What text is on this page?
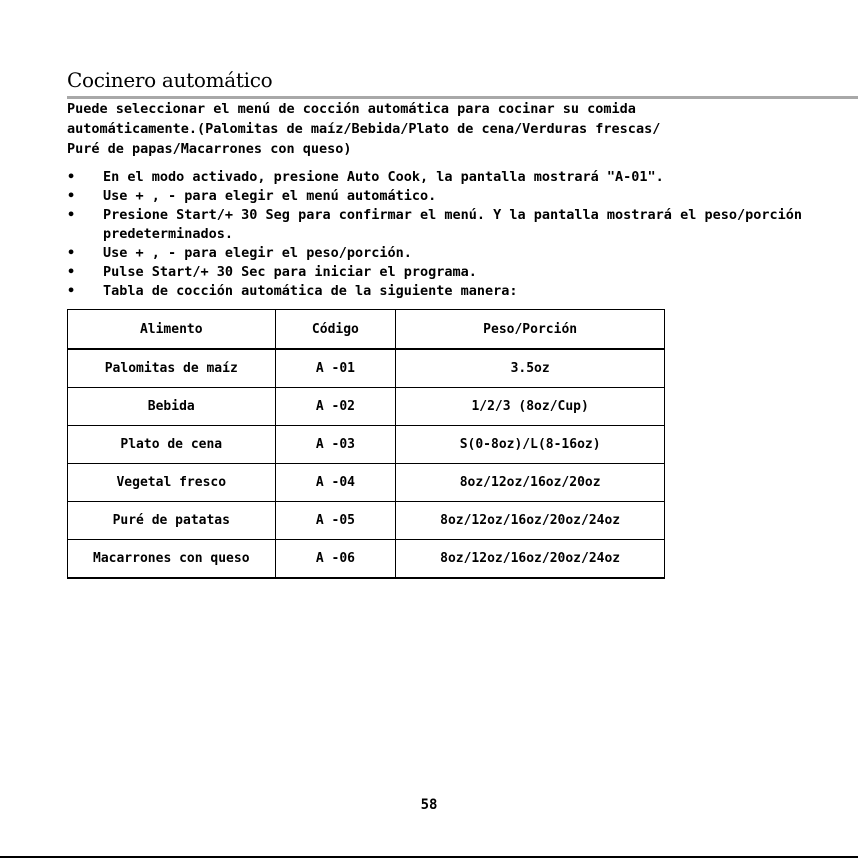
Cocinero automático

Puede seleccionar el menú de cocción automática para cocinar su comida
automáticamente.(Palomitas de maíz/Bebida/Plato de cena/Verduras frescas/
Puré de papas/Macarrones con queso)

• En el modo activado, presione Auto Cook, la pantalla mostrará "A-01".
• Use + , - para elegir el menú automático.
• Presione Start/+ 30 Seg para confirmar el menú. Y la pantalla mostrará el peso/porción predeterminados.
• Use + , - para elegir el peso/porción.
• Pulse Start/+ 30 Sec para iniciar el programa.
• Tabla de cocción automática de la siguiente manera:
Alimento	Código	Peso/Porción
Palomitas de maíz	A -01	3.5oz
Bebida	A -02	1/2/3 (8oz/Cup)
Plato de cena	A -03	S(0-8oz)/L(8-16oz)
Vegetal fresco	A -04	8oz/12oz/16oz/20oz
Puré de patatas	A -05	8oz/12oz/16oz/20oz/24oz
Macarrones con queso	A -06	8oz/12oz/16oz/20oz/24oz
58
